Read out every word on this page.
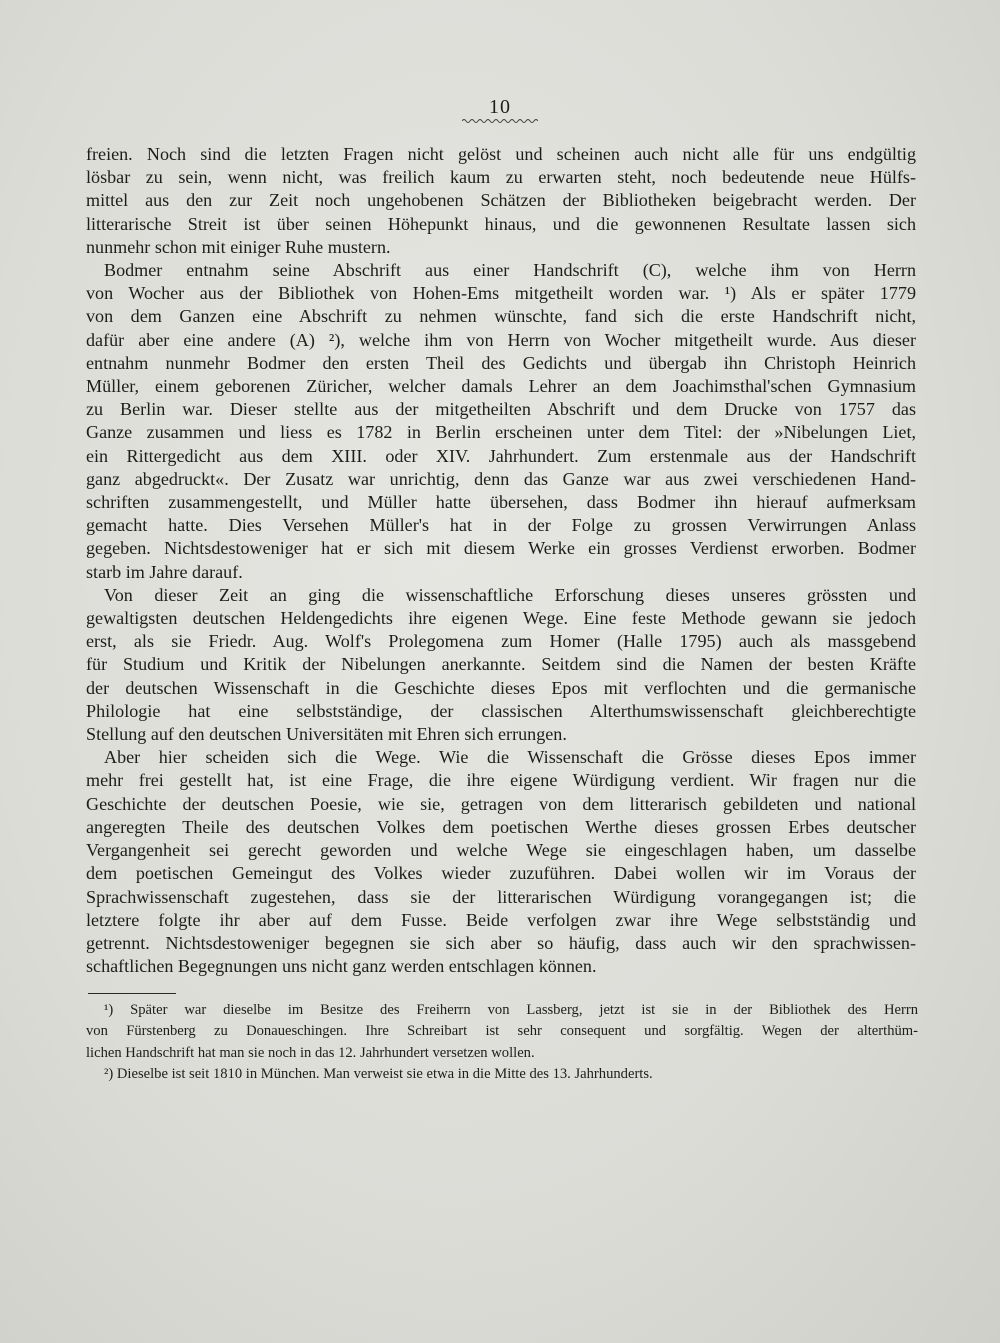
10

freien. Noch sind die letzten Fragen nicht gelöst und scheinen auch nicht alle für uns endgültig
lösbar zu sein, wenn nicht, was freilich kaum zu erwarten steht, noch bedeutende neue Hülfs-
mittel aus den zur Zeit noch ungehobenen Schätzen der Bibliotheken beigebracht werden. Der
litterarische Streit ist über seinen Höhepunkt hinaus, und die gewonnenen Resultate lassen sich
nunmehr schon mit einiger Ruhe mustern.

Bodmer entnahm seine Abschrift aus einer Handschrift (C), welche ihm von Herrn
von Wocher aus der Bibliothek von Hohen-Ems mitgetheilt worden war. ¹) Als er später 1779
von dem Ganzen eine Abschrift zu nehmen wünschte, fand sich die erste Handschrift nicht,
dafür aber eine andere (A) ²), welche ihm von Herrn von Wocher mitgetheilt wurde. Aus dieser
entnahm nunmehr Bodmer den ersten Theil des Gedichts und übergab ihn Christoph Heinrich
Müller, einem geborenen Züricher, welcher damals Lehrer an dem Joachimsthal'schen Gymnasium
zu Berlin war. Dieser stellte aus der mitgetheilten Abschrift und dem Drucke von 1757 das
Ganze zusammen und liess es 1782 in Berlin erscheinen unter dem Titel: der »Nibelungen Liet,
ein Rittergedicht aus dem XIII. oder XIV. Jahrhundert. Zum erstenmale aus der Handschrift
ganz abgedruckt«. Der Zusatz war unrichtig, denn das Ganze war aus zwei verschiedenen Hand-
schriften zusammengestellt, und Müller hatte übersehen, dass Bodmer ihn hierauf aufmerksam
gemacht hatte. Dies Versehen Müller's hat in der Folge zu grossen Verwirrungen Anlass
gegeben. Nichtsdestoweniger hat er sich mit diesem Werke ein grosses Verdienst erworben. Bodmer
starb im Jahre darauf.

Von dieser Zeit an ging die wissenschaftliche Erforschung dieses unseres grössten und
gewaltigsten deutschen Heldengedichts ihre eigenen Wege. Eine feste Methode gewann sie jedoch
erst, als sie Friedr. Aug. Wolf's Prolegomena zum Homer (Halle 1795) auch als massgebend
für Studium und Kritik der Nibelungen anerkannte. Seitdem sind die Namen der besten Kräfte
der deutschen Wissenschaft in die Geschichte dieses Epos mit verflochten und die germanische
Philologie hat eine selbstständige, der classischen Alterthumswissenschaft gleichberechtigte
Stellung auf den deutschen Universitäten mit Ehren sich errungen.

Aber hier scheiden sich die Wege. Wie die Wissenschaft die Grösse dieses Epos immer
mehr frei gestellt hat, ist eine Frage, die ihre eigene Würdigung verdient. Wir fragen nur die
Geschichte der deutschen Poesie, wie sie, getragen von dem litterarisch gebildeten und national
angeregten Theile des deutschen Volkes dem poetischen Werthe dieses grossen Erbes deutscher
Vergangenheit sei gerecht geworden und welche Wege sie eingeschlagen haben, um dasselbe
dem poetischen Gemeingut des Volkes wieder zuzuführen. Dabei wollen wir im Voraus der
Sprachwissenschaft zugestehen, dass sie der litterarischen Würdigung vorangegangen ist; die
letztere folgte ihr aber auf dem Fusse. Beide verfolgen zwar ihre Wege selbstständig und
getrennt. Nichtsdestoweniger begegnen sie sich aber so häufig, dass auch wir den sprachwissen-
schaftlichen Begegnungen uns nicht ganz werden entschlagen können.

¹) Später war dieselbe im Besitze des Freiherrn von Lassberg, jetzt ist sie in der Bibliothek des Herrn
von Fürstenberg zu Donaueschingen. Ihre Schreibart ist sehr consequent und sorgfältig. Wegen der alterthüm-
lichen Handschrift hat man sie noch in das 12. Jahrhundert versetzen wollen.
²) Dieselbe ist seit 1810 in München. Man verweist sie etwa in die Mitte des 13. Jahrhunderts.
